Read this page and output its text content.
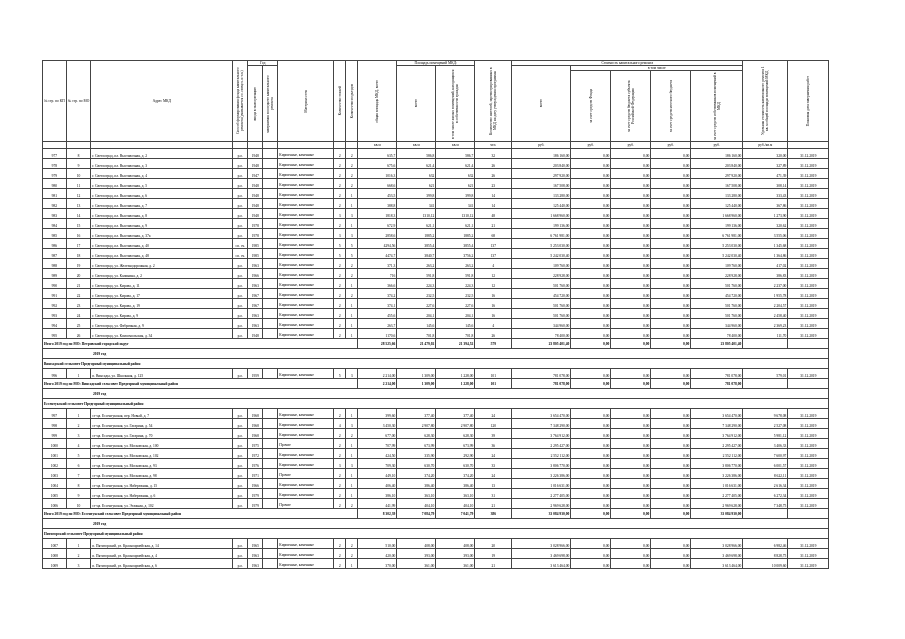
№ стр. по КП	№ стр. по МО	Адрес МКД	Способ формирования фонда капитального ремонта (указывается со. спецсч. и т.п.)	Год		Материал стен	Количество этажей	Количество подъездов	общая площадь МКД, всего	Площадь помещений МКД:		Количество жителей, зарегистрированных в МКД на дату утверждения программы	Стоимость капитального ремонта					Удельная стоимость капитального ремонта 1 кв. м общей площади помещений МКД	Плановая дата завершения работ

				ввода в эксплуатацию	завершения последнего капитального ремонта					всего	в том числе жилых помещений, находящихся в собственности граждан		всего	в том числе					

														за счет средств Фонда	за счет средств бюджета субъекта Российской Федерации	за счет средств местного бюджета	за счет средств собственников помещений в МКД		

									кв.м	кв.м	кв.м	чел.	руб.	руб.	руб.	руб.	руб.	руб./кв.м	
977	8	г. Светлоград, пл. Выставочная, д. 2	р.о.	1948		Кирпичные, каменные	2	2	635,7	586,8	586,7	32	186 160,00	0,00	0,00	0,00	186 160,00	320,00	31.12.2019
978	9	г. Светлоград, пл. Выставочная, д. 3	р.о.	1948		Кирпичные, каменные	2	2	675,6	621,4	621,4	26	203 840,00	0,00	0,00	0,00	203 840,00	327,89	31.12.2019
979	10	г. Светлоград, пл. Выставочная, д. 4	р.о.	1947		Кирпичные, каменные	2	2	1016,3	632	632	26	297 920,00	0,00	0,00	0,00	297 920,00	471,39	31.12.2019
980	11	г. Светлоград, пл. Выставочная, д. 5	р.о.	1948		Кирпичные, каменные	2	2	668,6	621	621	23	167 508,00	0,00	0,00	0,00	167 508,00	308,14	31.12.2019
981	12	г. Светлоград, пл. Выставочная, д. 6	р.о.	1948		Кирпичные, каменные	2	1	453,5	399,8	399,8	14	133 280,00	0,00	0,00	0,00	133 280,00	333,43	31.12.2019
982	13	г. Светлоград, пл. Выставочная, д. 7	р.о.	1948		Кирпичные, каменные	2	1	388,8	341	341	14	125 440,00	0,00	0,00	0,00	125 440,00	367,86	31.12.2019
983	14	г. Светлоград, пл. Выставочная, д. 8	р.о.	1948		Кирпичные, каменные	3	3	1818,3	1310,12	1310,12	48	1 668 960,00	0,00	0,00	0,00	1 668 960,00	1 273,90	31.12.2019
984	15	г. Светлоград, пл. Выставочная, д. 9	р.о.	1978		Кирпичные, каменные	2	1	672,9	621,1	621,1	21	199 136,00	0,00	0,00	0,00	199 136,00	320,62	31.12.2019
985	16	г. Светлоград, пл. Выставочная, д. 37а	р.о.	1978		Кирпичные, каменные	3	3	2858,6	1885,2	1885,2	68	6 761 981,00	0,00	0,00	0,00	6 761 981,00	3 555,06	31.12.2019
986	17	г. Светлоград, пл. Выставочная, д. 40	сп. сч.	1985		Кирпичные, каменные	5	5	4294,56	3855,4	3855,4	137	5 253 030,00	0,00	0,00	0,00	5 253 030,00	1 345,68	31.12.2019
987	18	г. Светлоград, пл. Выставочная, д. 48	сп. сч.	1985		Кирпичные, каменные	5	5	4474,7	3840,7	3756,2	137	5 242 030,40	0,00	0,00	0,00	5 242 030,40	1 364,86	31.12.2019
988	19	г. Светлоград, ул. Железнодорожная, д. 2	р.о.	1963		Кирпичные, каменные	2	2	371,3	263,2	263,2	4	109 760,00	0,00	0,00	0,00	109 760,00	417,02	31.12.2019
989	20	г. Светлоград, ул. Калинина, д. 2	р.о.	1966		Кирпичные, каменные	2	2	716	591,8	591,8	12	228 928,00	0,00	0,00	0,00	228 928,00	386,83	31.12.2019
990	21	г. Светлоград, ул. Кирова, д. 11	р.о.	1963		Кирпичные, каменные	2	1	366,6	224,3	224,3	12	501 760,00	0,00	0,00	0,00	501 760,00	2 237,00	31.12.2019
991	22	г. Светлоград, ул. Кирова, д. 17	р.о.	1967		Кирпичные, каменные	2	2	374,2	232,5	232,5	16	454 720,00	0,00	0,00	0,00	454 720,00	1 955,78	31.12.2019
992	23	г. Светлоград, ул. Кирова, д. 19	р.о.	1967		Кирпичные, каменные	2	1	374,1	227,6	227,6	16	501 760,00	0,00	0,00	0,00	501 760,00	2 204,57	31.12.2019
993	24	г. Светлоград, ул. Кирова, д. 9	р.о.	1963		Кирпичные, каменные	2	1	455,6	204,1	204,1	16	501 760,00	0,00	0,00	0,00	501 760,00	2 458,40	31.12.2019
994	25	г. Светлоград, ул. Фабричная, д. 9	р.о.	1963		Кирпичные, каменные	2	1	263,7	145,6	145,6	4	344 960,00	0,00	0,00	0,00	344 960,00	2 369,23	31.12.2019
995	26	г. Светлоград, ул. Комсомольская, д. 34	р.о.	1948		Кирпичные, каменные	2	1	1170,6	701,8	701,8	26	78 400,00	0,00	0,00	0,00	78 400,00	111,70	31.12.2019
Итого 2019 год по МО: Петровский городской округ									28 525,66	21 479,02	21 394,52	579	23 805 401,40	0,00	0,00	0,00	23 805 401,40		
2019 год																			
Винсадский сельсовет Предгорный муниципальный район																			
996	1	п. Винсады, ул. Школьная, д. 125	р.о.	1959		Кирпичные, каменные	5	3	2 214,00	1 309,00	1 228,00	101	781 078,00	0,00	0,00	0,00	781 078,00	579,01	31.12.2019
Итого 2019 год по МО: Винсадский сельсовет Предгорный муниципальный район									2 214,00	1 309,00	1 228,00	101	781 078,00	0,00	0,00	0,00	781 078,00		
2019 год																			
Ессентукский сельсовет Предгорный муниципальный район																			
997	1	ст-ца. Ессентукская, пер. Новый, д. 7	р.о.	1968		Кирпичные, каменные	2	1	399,60	377,40	377,40	24	3 654 470,00	0,00	0,00	0,00	3 654 470,00	9 678,08	31.12.2019
998	2	ст-ца. Ессентукская, ул. Гагарина, д. 54	р.о.	1968		Кирпичные, каменные	4	3	3 450,30	2 907,80	2 907,80	120	7 348 290,00	0,00	0,00	0,00	7 348 290,00	2 527,08	31.12.2019
999	3	ст-ца. Ессентукская, ул. Гагарина, д. 70	р.о.	1968		Кирпичные, каменные	2	2	677,00	628,30	628,30	39	3 764 912,00	0,00	0,00	0,00	3 764 912,00	5 981,12	31.12.2019
1000	4	ст-ца. Ессентукская, ул. Московская, д. 100	р.о.	1975		Прочие	2	1	707,99	673,99	673,99	36	2 295 427,00	0,00	0,00	0,00	2 295 427,00	3 406,33	31.12.2019
1001	5	ст-ца. Ессентукская, ул. Московская, д. 102	р.о.	1972		Кирпичные, каменные	2	1	424,50	335,90	292,90	24	2 552 112,00	0,00	0,00	0,00	2 552 112,00	7 600,97	31.12.2019
1002	6	ст-ца. Ессентукская, ул. Московская, д. 93	р.о.	1976		Кирпичные, каменные	3	3	709,30	630,70	630,70	33	3 806 770,00	0,00	0,00	0,00	3 806 770,00	6 001,57	31.12.2019
1003	7	ст-ца. Ессентукская, ул. Московская, д. 98	р.о.	1971		Прочие	2	1	449,10	374,20	374,20	24	3 226 386,00	0,00	0,00	0,00	3 226 386,00	8 622,11	31.12.2019
1004	8	ст-ца. Ессентукская, ул. Набережная, д. 15	р.о.	1966		Кирпичные, каменные	2	1	406,40	386,40	386,40	13	1 016 631,00	0,00	0,00	0,00	1 016 631,00	2 616,34	31.12.2019
1005	9	ст-ца. Ессентукская, ул. Набережная, д. 6	р.о.	1979		Кирпичные, каменные	2	1	386,10	363,10	363,10	31	2 277 405,00	0,00	0,00	0,00	2 277 405,00	6 272,34	31.12.2019
1006	10	ст-ца. Ессентукская, ул. Этажная, д. 102	р.о.	1979		Прочие	2	2	441,99	404,10	404,10	21	2 969 628,00	0,00	0,00	0,00	2 969 628,00	7 348,75	31.12.2019
Итого 2019 год по МО: Ессентукский сельсовет Предгорный муниципальный район									8 302,39	7 084,79	7 041,79	386	33 084 930,00	0,00	0,00	0,00	33 084 930,00		
2019 год																			
Пятигорский сельсовет Предгорный муниципальный район																			
1007	1	п. Пятигорский, ул. Красноармейская, д. 14	р.о.	1965		Кирпичные, каменные	2	2	510,00	408,00	408,00	20	3 028 966,00	0,00	0,00	0,00	3 028 966,00	6 982,46	31.12.2019
1008	2	п. Пятигорский, ул. Красноармейская, д. 4	р.о.	1963		Кирпичные, каменные	2	2	420,00	393,00	393,00	19	3 469 698,00	0,00	0,00	0,00	3 469 698,00	8 828,75	31.12.2019
1009	3	п. Пятигорский, ул. Красноармейская, д. 6	р.о.	1963		Кирпичные, каменные	2	1	370,00	361,00	361,00	21	3 613 464,00	0,00	0,00	0,00	3 613 464,00	10 009,60	31.12.2019
